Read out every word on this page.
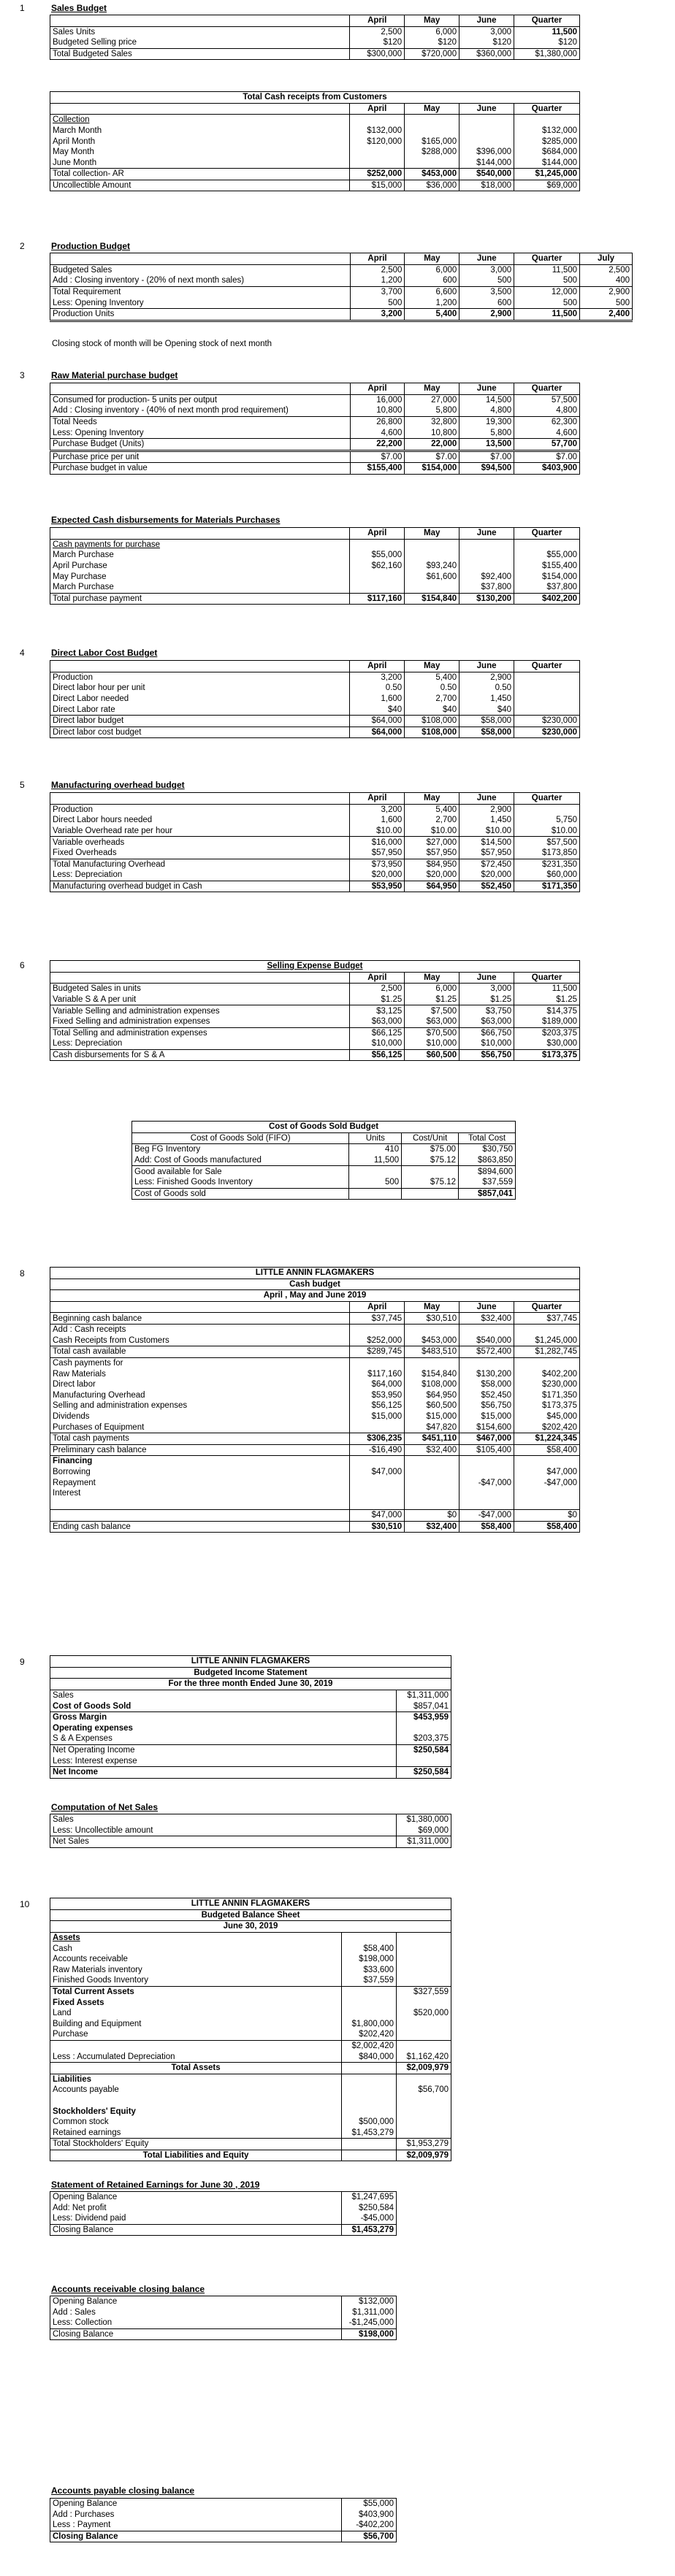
1	Sales Budget
	April	May	June	Quarter
Sales Units	2,500	6,000	3,000	11,500
Budgeted Selling price	$120	$120	$120	$120
Total Budgeted Sales	$300,000	$720,000	$360,000	$1,380,000
Total Cash receipts from Customers				
	April	May	June	Quarter
Collection				
March Month	$132,000			$132,000
April Month	$120,000	$165,000		$285,000
May Month		$288,000	$396,000	$684,000
June Month			$144,000	$144,000
Total collection- AR	$252,000	$453,000	$540,000	$1,245,000
Uncollectible Amount	$15,000	$36,000	$18,000	$69,000
2	Production Budget
	April	May	June	Quarter	July
Budgeted Sales	2,500	6,000	3,000	11,500	2,500
Add : Closing inventory - (20% of next month sales)	1,200	600	500	500	400
Total Requirement	3,700	6,600	3,500	12,000	2,900
Less: Opening Inventory	500	1,200	600	500	500
Production Units	3,200	5,400	2,900	11,500	2,400
Closing stock of month will be Opening stock of next month
3	Raw Material purchase budget
	April	May	June	Quarter
Consumed for production- 5 units per output	16,000	27,000	14,500	57,500
Add : Closing inventory - (40% of next month prod requirement)	10,800	5,800	4,800	4,800
Total Needs	26,800	32,800	19,300	62,300
Less: Opening Inventory	4,600	10,800	5,800	4,600
Purchase Budget (Units)	22,200	22,000	13,500	57,700
Purchase price per unit	$7.00	$7.00	$7.00	$7.00
Purchase budget in value	$155,400	$154,000	$94,500	$403,900
Expected Cash disbursements for Materials Purchases
	April	May	June	Quarter
Cash payments for purchase				
March Purchase	$55,000			$55,000
April Purchase	$62,160	$93,240		$155,400
May Purchase		$61,600	$92,400	$154,000
March Purchase			$37,800	$37,800
Total purchase payment	$117,160	$154,840	$130,200	$402,200
4	Direct Labor Cost Budget
	April	May	June	Quarter
Production	3,200	5,400	2,900	
Direct labor hour per unit	0.50	0.50	0.50	
Direct Labor needed	1,600	2,700	1,450	
Direct Labor rate	$40	$40	$40	
Direct labor budget	$64,000	$108,000	$58,000	$230,000
Direct labor cost budget	$64,000	$108,000	$58,000	$230,000
5	Manufacturing overhead budget
	April	May	June	Quarter
Production	3,200	5,400	2,900	
Direct Labor hours needed	1,600	2,700	1,450	5,750
Variable Overhead rate per hour	$10.00	$10.00	$10.00	$10.00
Variable overheads	$16,000	$27,000	$14,500	$57,500
Fixed Overheads	$57,950	$57,950	$57,950	$173,850
Total Manufacturing Overhead	$73,950	$84,950	$72,450	$231,350
Less: Depreciation	$20,000	$20,000	$20,000	$60,000
Manufacturing overhead budget in Cash	$53,950	$64,950	$52,450	$171,350
6	Selling Expense Budget				
	April	May	June	Quarter
Budgeted Sales in units	2,500	6,000	3,000	11,500
Variable S & A per unit	$1.25	$1.25	$1.25	$1.25
Variable Selling and administration expenses	$3,125	$7,500	$3,750	$14,375
Fixed Selling and administration expenses	$63,000	$63,000	$63,000	$189,000
Total Selling and administration expenses	$66,125	$70,500	$66,750	$203,375
Less: Depreciation	$10,000	$10,000	$10,000	$30,000
Cash disbursements for S & A	$56,125	$60,500	$56,750	$173,375
Cost of Goods Sold Budget			
Cost of Goods Sold (FIFO)	Units	Cost/Unit	Total Cost
Beg FG Inventory	410	$75.00	$30,750
Add: Cost of Goods manufactured	11,500	$75.12	$863,850
Good available for Sale			$894,600
Less: Finished Goods Inventory	500	$75.12	$37,559
Cost of Goods sold			$857,041
8	LITTLE ANNIN FLAGMAKERS				
Cash budget				
April , May and June 2019				
	April	May	June	Quarter
Beginning cash balance	$37,745	$30,510	$32,400	$37,745
Add : Cash receipts				
Cash Receipts from Customers	$252,000	$453,000	$540,000	$1,245,000
Total cash available	$289,745	$483,510	$572,400	$1,282,745
Cash payments for				
Raw Materials	$117,160	$154,840	$130,200	$402,200
Direct labor	$64,000	$108,000	$58,000	$230,000
Manufacturing Overhead	$53,950	$64,950	$52,450	$171,350
Selling and administration expenses	$56,125	$60,500	$56,750	$173,375
Dividends	$15,000	$15,000	$15,000	$45,000
Purchases of Equipment		$47,820	$154,600	$202,420
Total cash payments	$306,235	$451,110	$467,000	$1,224,345
Preliminary cash balance	-$16,490	$32,400	$105,400	$58,400
Financing				
Borrowing	$47,000			$47,000
Repayment			-$47,000	-$47,000
Interest				

	$47,000	$0	-$47,000	$0
Ending cash balance	$30,510	$32,400	$58,400	$58,400
9	LITTLE ANNIN FLAGMAKERS	
Budgeted Income Statement	
For the three month Ended June 30, 2019	
Sales	$1,311,000
Cost of Goods Sold	$857,041
Gross Margin	$453,959
Operating expenses	
S & A Expenses	$203,375
Net Operating Income	$250,584
Less: Interest expense	
Net Income	$250,584
Computation of Net Sales
Sales	$1,380,000
Less: Uncollectible amount	$69,000
Net Sales	$1,311,000
10	LITTLE ANNIN FLAGMAKERS		
Budgeted Balance Sheet		
June 30, 2019		
Assets		
Cash	$58,400	
Accounts receivable	$198,000	
Raw Materials inventory	$33,600	
Finished Goods Inventory	$37,559	
Total Current Assets		$327,559
Fixed Assets		
Land		$520,000
Building and Equipment	$1,800,000	
Purchase	$202,420	
	$2,002,420	
Less : Accumulated Depreciation	$840,000	$1,162,420
Total Assets		$2,009,979
Liabilities		
Accounts payable		$56,700

Stockholders' Equity		
Common stock	$500,000	
Retained earnings	$1,453,279	
Total Stockholders' Equity		$1,953,279
Total Liabilities and Equity		$2,009,979
Statement of Retained Earnings for June 30 , 2019
Opening Balance	$1,247,695
Add: Net profit	$250,584
Less: Dividend paid	-$45,000
Closing Balance	$1,453,279
Accounts receivable closing balance
Opening Balance	$132,000
Add : Sales	$1,311,000
Less: Collection	-$1,245,000
Closing Balance	$198,000
Accounts payable closing balance
Opening Balance	$55,000
Add : Purchases	$403,900
Less : Payment	-$402,200
Closing Balance	$56,700
